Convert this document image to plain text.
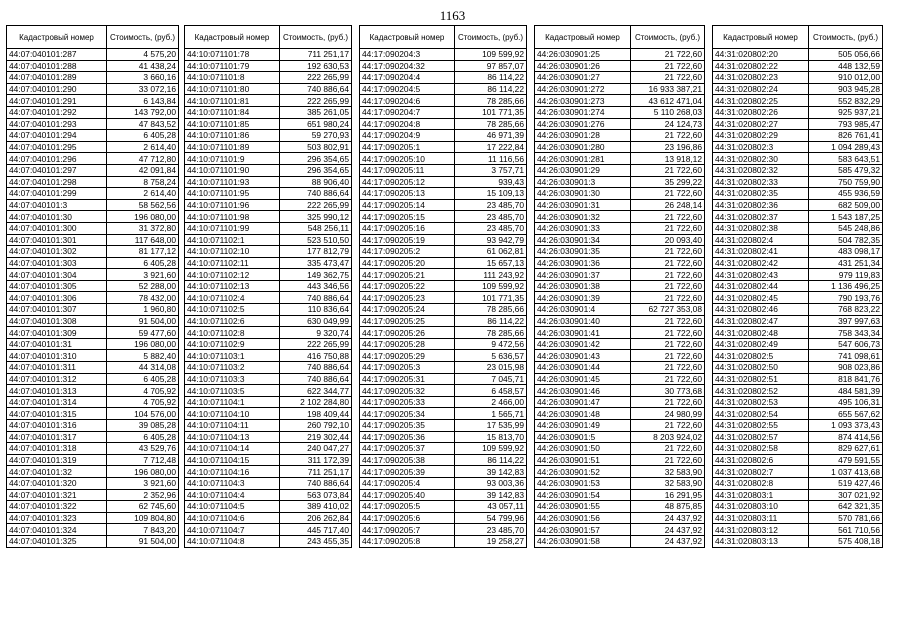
1163
Кадастровый номер	Стоимость, (руб.)
44:07:040101:287	4 575,20
44:07:040101:288	41 438,24
44:07:040101:289	3 660,16
44:07:040101:290	33 072,16
44:07:040101:291	6 143,84
44:07:040101:292	143 792,00
44:07:040101:293	47 843,52
44:07:040101:294	6 405,28
44:07:040101:295	2 614,40
44:07:040101:296	47 712,80
44:07:040101:297	42 091,84
44:07:040101:298	8 758,24
44:07:040101:299	2 614,40
44:07:040101:3	58 562,56
44:07:040101:30	196 080,00
44:07:040101:300	31 372,80
44:07:040101:301	117 648,00
44:07:040101:302	81 177,12
44:07:040101:303	6 405,28
44:07:040101:304	3 921,60
44:07:040101:305	52 288,00
44:07:040101:306	78 432,00
44:07:040101:307	1 960,80
44:07:040101:308	91 504,00
44:07:040101:309	59 477,60
44:07:040101:31	196 080,00
44:07:040101:310	5 882,40
44:07:040101:311	44 314,08
44:07:040101:312	6 405,28
44:07:040101:313	4 705,92
44:07:040101:314	4 705,92
44:07:040101:315	104 576,00
44:07:040101:316	39 085,28
44:07:040101:317	6 405,28
44:07:040101:318	43 529,76
44:07:040101:319	7 712,48
44:07:040101:32	196 080,00
44:07:040101:320	3 921,60
44:07:040101:321	2 352,96
44:07:040101:322	62 745,60
44:07:040101:323	109 804,80
44:07:040101:324	7 843,20
44:07:040101:325	91 504,00
Кадастровый номер	Стоимость, (руб.)
44:10:071101:78	711 251,17
44:10:071101:79	192 630,53
44:10:071101:8	222 265,99
44:10:071101:80	740 886,64
44:10:071101:81	222 265,99
44:10:071101:84	385 261,05
44:10:071101:85	651 980,24
44:10:071101:86	59 270,93
44:10:071101:89	503 802,91
44:10:071101:9	296 354,65
44:10:071101:90	296 354,65
44:10:071101:93	88 906,40
44:10:071101:95	740 886,64
44:10:071101:96	222 265,99
44:10:071101:98	325 990,12
44:10:071101:99	548 256,11
44:10:071102:1	523 510,50
44:10:071102:10	177 812,79
44:10:071102:11	335 473,47
44:10:071102:12	149 362,75
44:10:071102:13	443 346,56
44:10:071102:4	740 886,64
44:10:071102:5	110 836,64
44:10:071102:6	630 049,99
44:10:071102:8	9 320,74
44:10:071102:9	222 265,99
44:10:071103:1	416 750,88
44:10:071103:2	740 886,64
44:10:071103:3	740 886,64
44:10:071103:5	622 344,77
44:10:071104:1	2 102 284,80
44:10:071104:10	198 409,44
44:10:071104:11	260 792,10
44:10:071104:13	219 302,44
44:10:071104:14	240 047,27
44:10:071104:15	311 172,39
44:10:071104:16	711 251,17
44:10:071104:3	740 886,64
44:10:071104:4	563 073,84
44:10:071104:5	389 410,02
44:10:071104:6	206 262,84
44:10:071104:7	445 717,40
44:10:071104:8	243 455,35
Кадастровый номер	Стоимость, (руб.)
44:17:090204:3	109 599,92
44:17:090204:32	97 857,07
44:17:090204:4	86 114,22
44:17:090204:5	86 114,22
44:17:090204:6	78 285,66
44:17:090204:7	101 771,35
44:17:090204:8	78 285,66
44:17:090204:9	46 971,39
44:17:090205:1	17 222,84
44:17:090205:10	11 116,56
44:17:090205:11	3 757,71
44:17:090205:12	939,43
44:17:090205:13	15 109,13
44:17:090205:14	23 485,70
44:17:090205:15	23 485,70
44:17:090205:16	23 485,70
44:17:090205:19	93 942,79
44:17:090205:2	61 062,81
44:17:090205:20	15 657,13
44:17:090205:21	111 243,92
44:17:090205:22	109 599,92
44:17:090205:23	101 771,35
44:17:090205:24	78 285,66
44:17:090205:25	86 114,22
44:17:090205:26	78 285,66
44:17:090205:28	9 472,56
44:17:090205:29	5 636,57
44:17:090205:3	23 015,98
44:17:090205:31	7 045,71
44:17:090205:32	6 458,57
44:17:090205:33	2 466,00
44:17:090205:34	1 565,71
44:17:090205:35	17 535,99
44:17:090205:36	15 813,70
44:17:090205:37	109 599,92
44:17:090205:38	86 114,22
44:17:090205:39	39 142,83
44:17:090205:4	93 003,36
44:17:090205:40	39 142,83
44:17:090205:5	43 057,11
44:17:090205:6	54 799,96
44:17:090205:7	23 485,70
44:17:090205:8	19 258,27
Кадастровый номер	Стоимость, (руб.)
44:26:030901:25	21 722,60
44:26:030901:26	21 722,60
44:26:030901:27	21 722,60
44:26:030901:272	16 933 387,21
44:26:030901:273	43 612 471,04
44:26:030901:274	5 110 268,03
44:26:030901:276	24 124,73
44:26:030901:28	21 722,60
44:26:030901:280	23 196,86
44:26:030901:281	13 918,12
44:26:030901:29	21 722,60
44:26:030901:3	35 299,22
44:26:030901:30	21 722,60
44:26:030901:31	26 248,14
44:26:030901:32	21 722,60
44:26:030901:33	21 722,60
44:26:030901:34	20 093,40
44:26:030901:35	21 722,60
44:26:030901:36	21 722,60
44:26:030901:37	21 722,60
44:26:030901:38	21 722,60
44:26:030901:39	21 722,60
44:26:030901:4	62 727 353,08
44:26:030901:40	21 722,60
44:26:030901:41	21 722,60
44:26:030901:42	21 722,60
44:26:030901:43	21 722,60
44:26:030901:44	21 722,60
44:26:030901:45	21 722,60
44:26:030901:46	30 773,68
44:26:030901:47	21 722,60
44:26:030901:48	24 980,99
44:26:030901:49	21 722,60
44:26:030901:5	8 203 924,02
44:26:030901:50	21 722,60
44:26:030901:51	21 722,60
44:26:030901:52	32 583,90
44:26:030901:53	32 583,90
44:26:030901:54	16 291,95
44:26:030901:55	48 875,85
44:26:030901:56	24 437,92
44:26:030901:57	24 437,92
44:26:030901:58	24 437,92
Кадастровый номер	Стоимость, (руб.)
44:31:020802:20	505 056,66
44:31:020802:22	448 132,59
44:31:020802:23	910 012,00
44:31:020802:24	903 945,28
44:31:020802:25	552 832,29
44:31:020802:26	925 937,21
44:31:020802:27	793 985,47
44:31:020802:29	826 761,41
44:31:020802:3	1 094 289,43
44:31:020802:30	583 643,51
44:31:020802:32	585 479,32
44:31:020802:33	750 759,90
44:31:020802:35	455 936,59
44:31:020802:36	682 509,00
44:31:020802:37	1 543 187,25
44:31:020802:38	545 248,86
44:31:020802:4	504 782,35
44:31:020802:41	483 098,17
44:31:020802:42	431 251,34
44:31:020802:43	979 119,83
44:31:020802:44	1 136 496,25
44:31:020802:45	790 193,76
44:31:020802:46	768 823,22
44:31:020802:47	397 997,63
44:31:020802:48	758 343,34
44:31:020802:49	547 606,73
44:31:020802:5	741 098,61
44:31:020802:50	908 023,86
44:31:020802:51	818 841,76
44:31:020802:52	484 581,39
44:31:020802:53	495 106,31
44:31:020802:54	655 567,62
44:31:020802:55	1 093 373,43
44:31:020802:57	874 414,56
44:31:020802:58	829 627,61
44:31:020802:6	479 591,55
44:31:020802:7	1 037 413,68
44:31:020802:8	519 427,46
44:31:020803:1	307 021,92
44:31:020803:10	642 321,35
44:31:020803:11	570 781,66
44:31:020803:12	561 710,56
44:31:020803:13	575 408,18
